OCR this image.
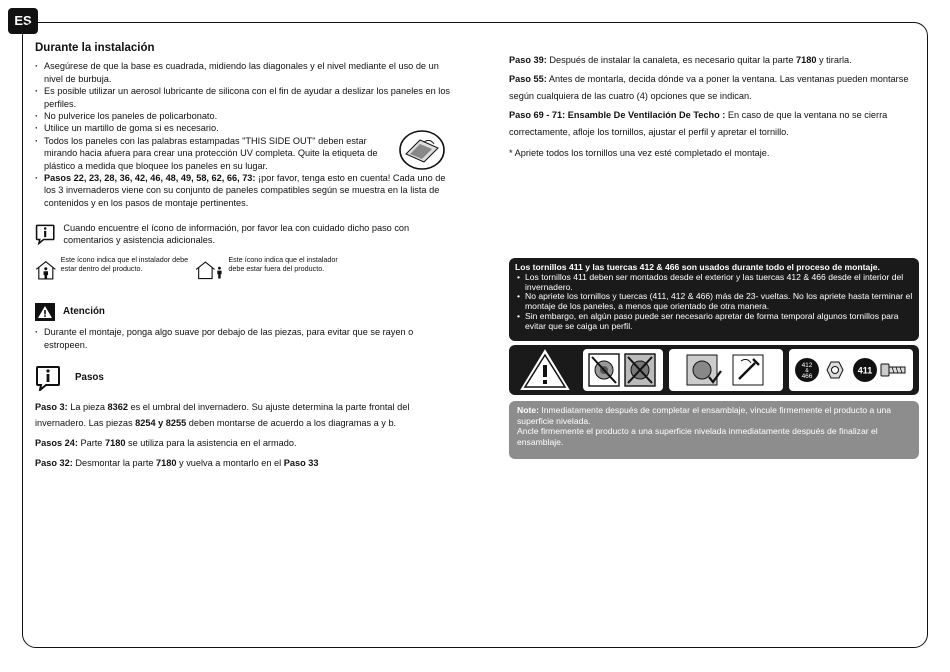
ES
Durante la instalación
· Asegúrese de que la base es cuadrada, midiendo las diagonales y el nivel mediante el uso de un nivel de burbuja.
· Es posible utilizar un aerosol lubricante de silicona con el fin de ayudar a deslizar los paneles en los perfiles.
· No pulverice los paneles de policarbonato.
· Utilice un martillo de goma si es necesario.
· Todos los paneles con las palabras estampadas "THIS SIDE OUT" deben estar mirando hacia afuera para crear una protección UV completa. Quite la etiqueta de plástico a medida que bloquee los paneles en su lugar.
· Pasos 22, 23, 28, 36, 42, 46, 48, 49, 58, 62, 66, 73: ¡por favor, tenga esto en cuenta! Cada uno de los 3 invernaderos viene con su conjunto de paneles compatibles según se muestra en la lista de contenidos y en los pasos de montaje pertinentes.
Cuando encuentre el ícono de información, por favor lea con cuidado dicho paso con comentarios y asistencia adicionales.
Este ícono indica que el instalador debe estar dentro del producto.
Este ícono indica que el instalador debe estar fuera del producto.
Atención
· Durante el montaje, ponga algo suave por debajo de las piezas, para evitar que se rayen o estropeen.
Pasos
Paso 3: La pieza 8362 es el umbral del invernadero. Su ajuste determina la parte frontal del invernadero. Las piezas 8254 y 8255 deben montarse de acuerdo a los diagramas a y b.
Pasos 24: Parte 7180 se utiliza para la asistencia en el armado.
Paso 32: Desmontar la parte 7180 y vuelva a montarlo en el Paso 33

Paso 39: Después de instalar la canaleta, es necesario quitar la parte 7180 y tirarla.

Paso 55: Antes de montarla, decida dónde va a poner la ventana. Las ventanas pueden montarse según cualquiera de las cuatro (4) opciones que se indican.

Paso 69 - 71: Ensamble De Ventilación De Techo : En caso de que la ventana no se cierra correctamente, afloje los tornillos, ajustar el perfil y apretar el tornillo.

* Apriete todos los tornillos una vez esté completado el montaje.

Los tornillos 411 y las tuercas 412 & 466 son usados durante todo el proceso de montaje.
• Los tornillos 411 deben ser montados desde el exterior y las tuercas 412 & 466 desde el interior del invernadero.
• No apriete los tornillos y tuercas (411, 412 & 466) más de 23- vueltas. No los apriete hasta terminar el montaje de los paneles, a menos que orientado de otra manera.
• Sin embargo, en algún paso puede ser necesario apretar de forma temporal algunos tornillos para evitar que se caiga un perfil.
412
&
466
411
Note: Inmediatamente después de completar el ensamblaje, vincule firmemente el producto a una superficie nivelada.
Ancle firmemente el producto a una superficie nivelada inmediatamente después de finalizar el ensamblaje.
